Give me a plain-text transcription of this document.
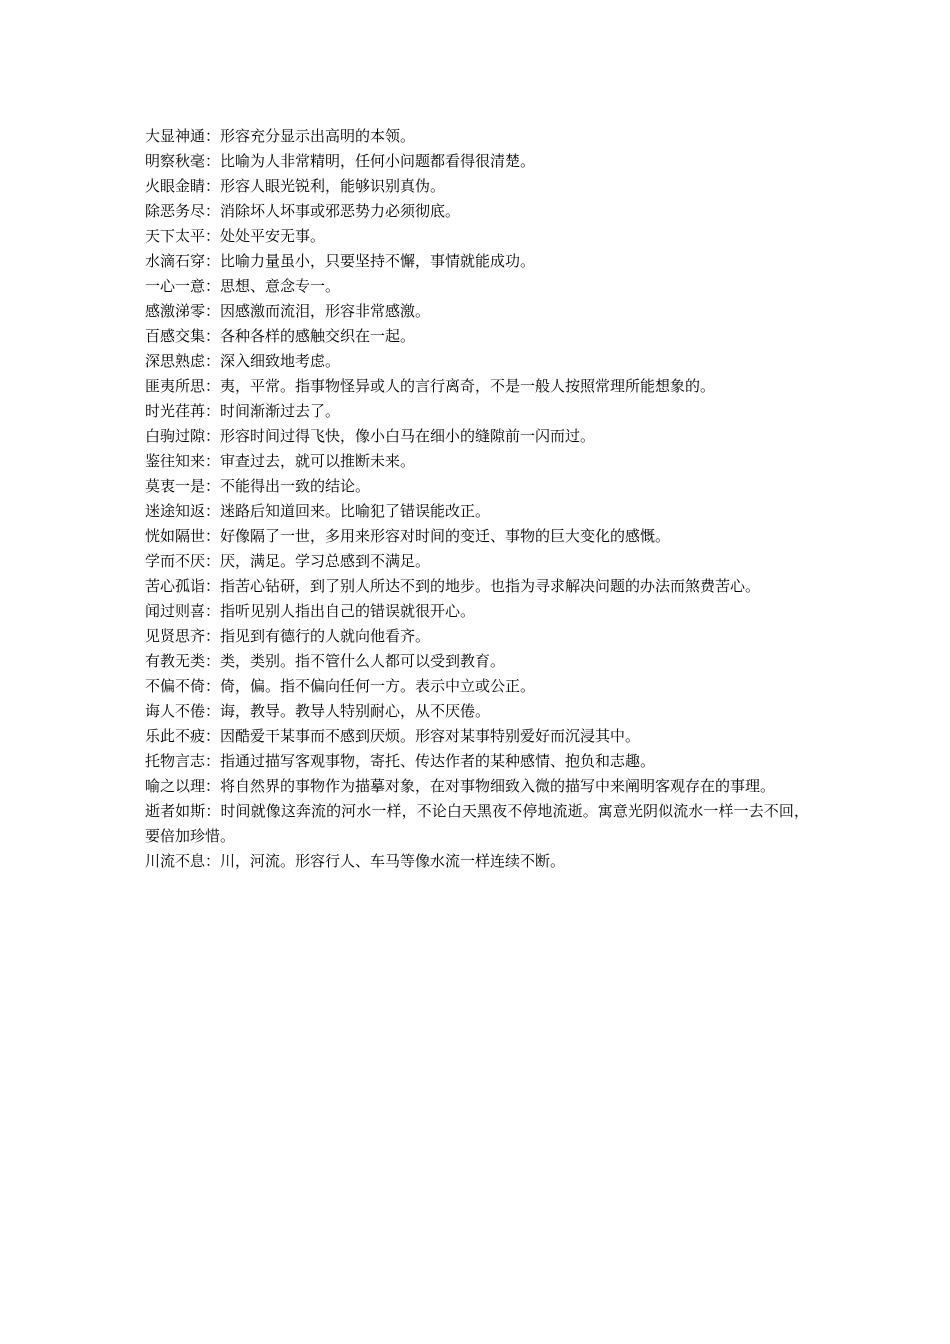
大显神通：形容充分显示出高明的本领。

明察秋毫：比喻为人非常精明，任何小问题都看得很清楚。

火眼金睛：形容人眼光锐利，能够识别真伪。

除恶务尽：消除坏人坏事或邪恶势力必须彻底。

天下太平：处处平安无事。

水滴石穿：比喻力量虽小，只要坚持不懈，事情就能成功。

一心一意：思想、意念专一。

感激涕零：因感激而流泪，形容非常感激。

百感交集：各种各样的感触交织在一起。

深思熟虑：深入细致地考虑。

匪夷所思：夷，平常。指事物怪异或人的言行离奇，不是一般人按照常理所能想象的。

时光荏苒：时间渐渐过去了。

白驹过隙：形容时间过得飞快，像小白马在细小的缝隙前一闪而过。

鉴往知来：审查过去，就可以推断未来。

莫衷一是：不能得出一致的结论。

迷途知返：迷路后知道回来。比喻犯了错误能改正。

恍如隔世：好像隔了一世，多用来形容对时间的变迁、事物的巨大变化的感慨。

学而不厌：厌，满足。学习总感到不满足。

苦心孤诣：指苦心钻研，到了别人所达不到的地步。也指为寻求解决问题的办法而煞费苦心。

闻过则喜：指听见别人指出自己的错误就很开心。

见贤思齐：指见到有德行的人就向他看齐。

有教无类：类，类别。指不管什么人都可以受到教育。

不偏不倚：倚，偏。指不偏向任何一方。表示中立或公正。

诲人不倦：诲，教导。教导人特别耐心，从不厌倦。

乐此不疲：因酷爱干某事而不感到厌烦。形容对某事特别爱好而沉浸其中。

托物言志：指通过描写客观事物，寄托、传达作者的某种感情、抱负和志趣。

喻之以理：将自然界的事物作为描摹对象，在对事物细致入微的描写中来阐明客观存在的事理。

逝者如斯：时间就像这奔流的河水一样，不论白天黑夜不停地流逝。寓意光阴似流水一样一去不回，要倍加珍惜。

川流不息：川，河流。形容行人、车马等像水流一样连续不断。
